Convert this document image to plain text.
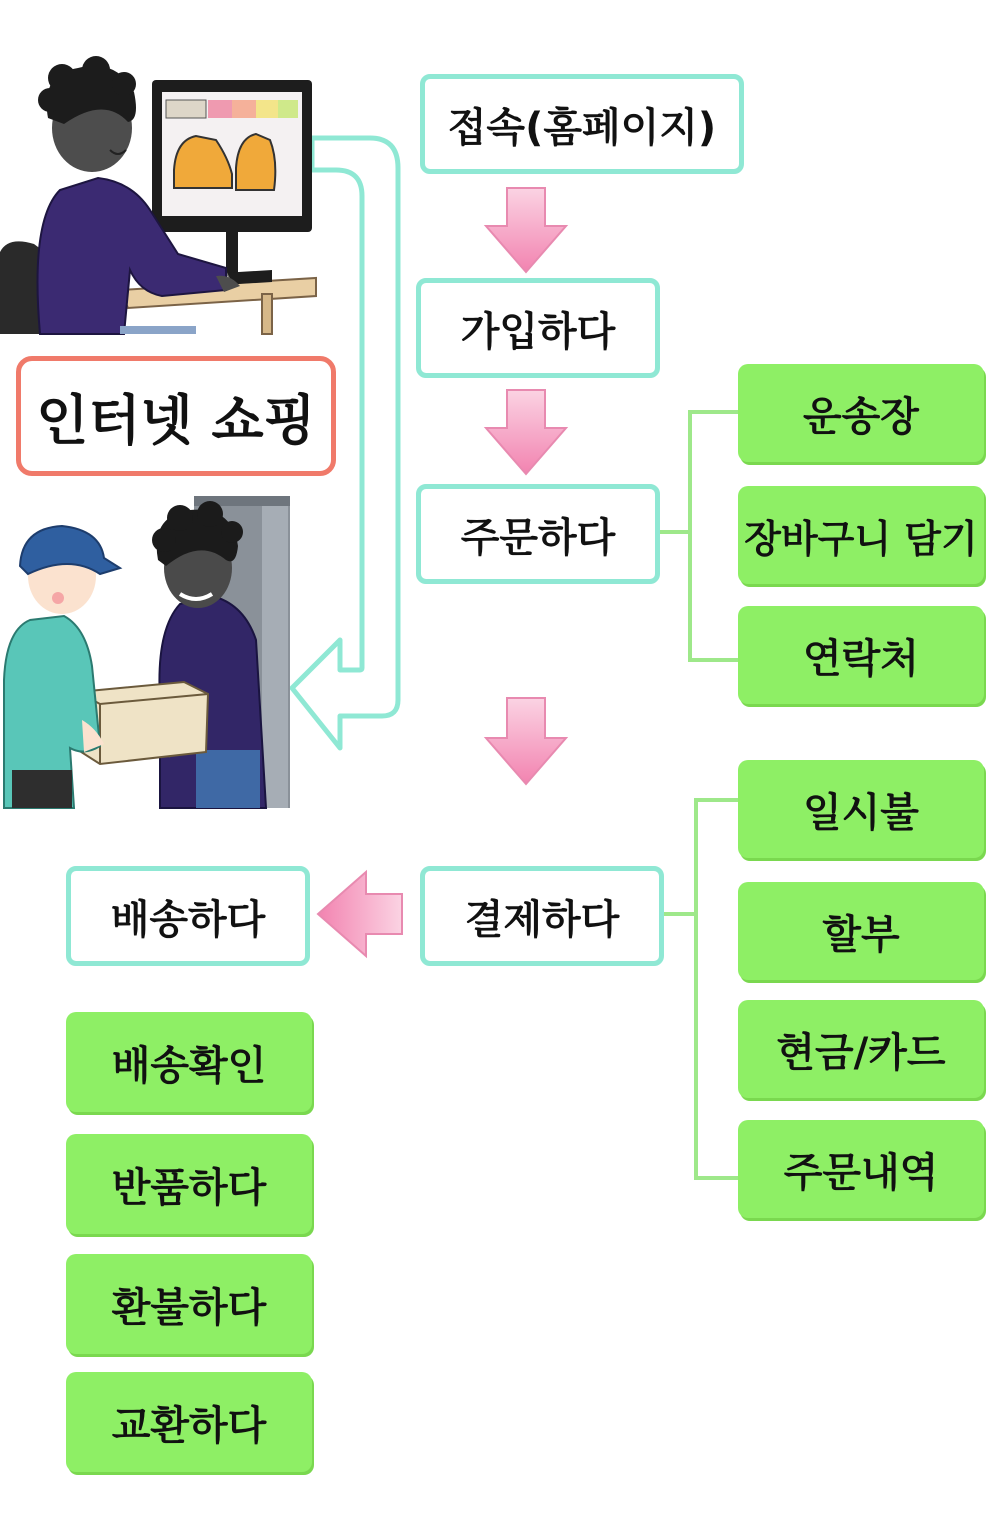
인터넷 쇼핑
접속(홈페이지)
가입하다
주문하다
결제하다
배송하다
운송장
장바구니 담기
연락처
일시불
할부
현금/카드
주문내역
배송확인
반품하다
환불하다
교환하다
